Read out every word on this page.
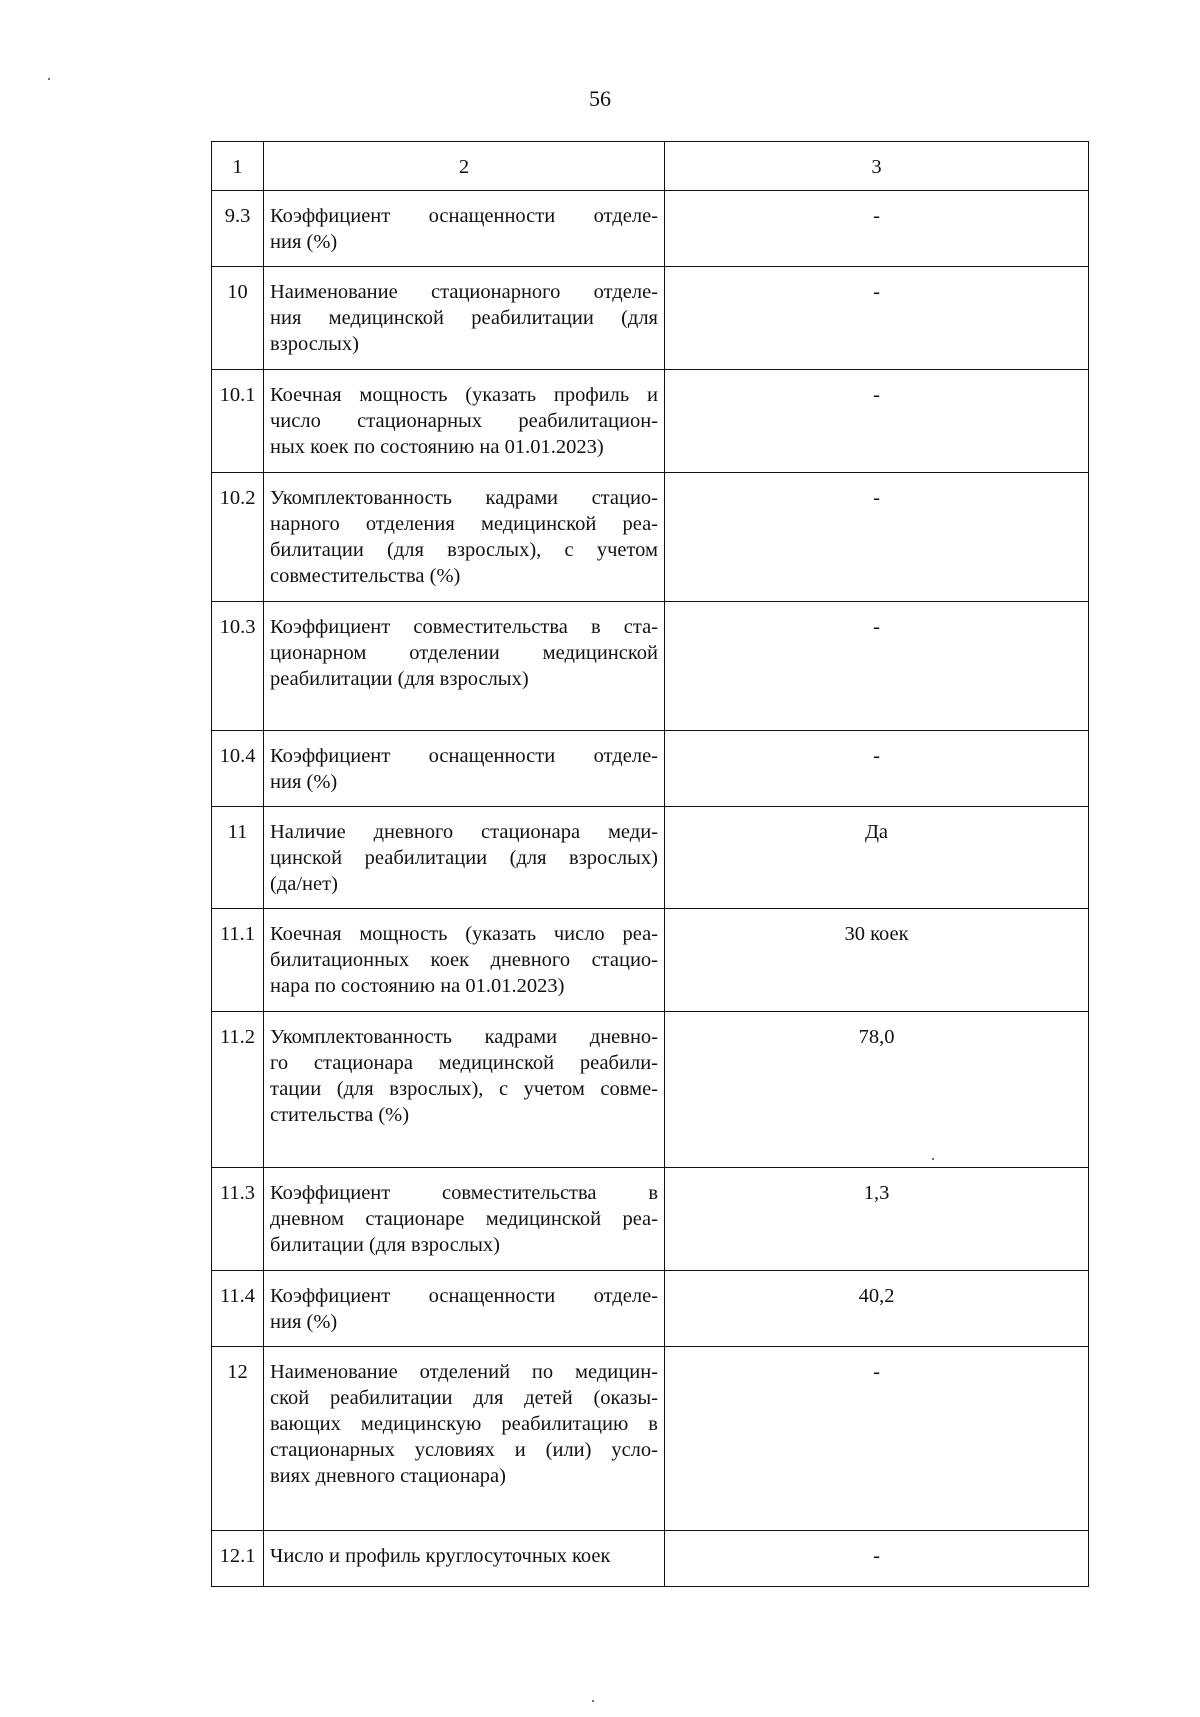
56
1	2	3
9.3	Коэффициент оснащенности отделе-
ния (%)	-
10	Наименование стационарного отделе-
ния медицинской реабилитации (для
взрослых)	-
10.1	Коечная мощность (указать профиль и
число стационарных реабилитацион-
ных коек по состоянию на 01.01.2023)	-
10.2	Укомплектованность кадрами стацио-
нарного отделения медицинской реа-
билитации (для взрослых), с учетом
совместительства (%)	-
10.3	Коэффициент совместительства в ста-
ционарном отделении медицинской
реабилитации (для взрослых)	-
10.4	Коэффициент оснащенности отделе-
ния (%)	-
11	Наличие дневного стационара меди-
цинской реабилитации (для взрослых)
(да/нет)	Да
11.1	Коечная мощность (указать число реа-
билитационных коек дневного стацио-
нара по состоянию на 01.01.2023)	30 коек
11.2	Укомплектованность кадрами дневно-
го стационара медицинской реабили-
тации (для взрослых), с учетом совме-
стительства (%)	78,0
11.3	Коэффициент совместительства в
дневном стационаре медицинской реа-
билитации (для взрослых)	1,3
11.4	Коэффициент оснащенности отделе-
ния (%)	40,2
12	Наименование отделений по медицин-
ской реабилитации для детей (оказы-
вающих медицинскую реабилитацию в
стационарных условиях и (или) усло-
виях дневного стационара)	-
12.1	Число и профиль круглосуточных коек	-
